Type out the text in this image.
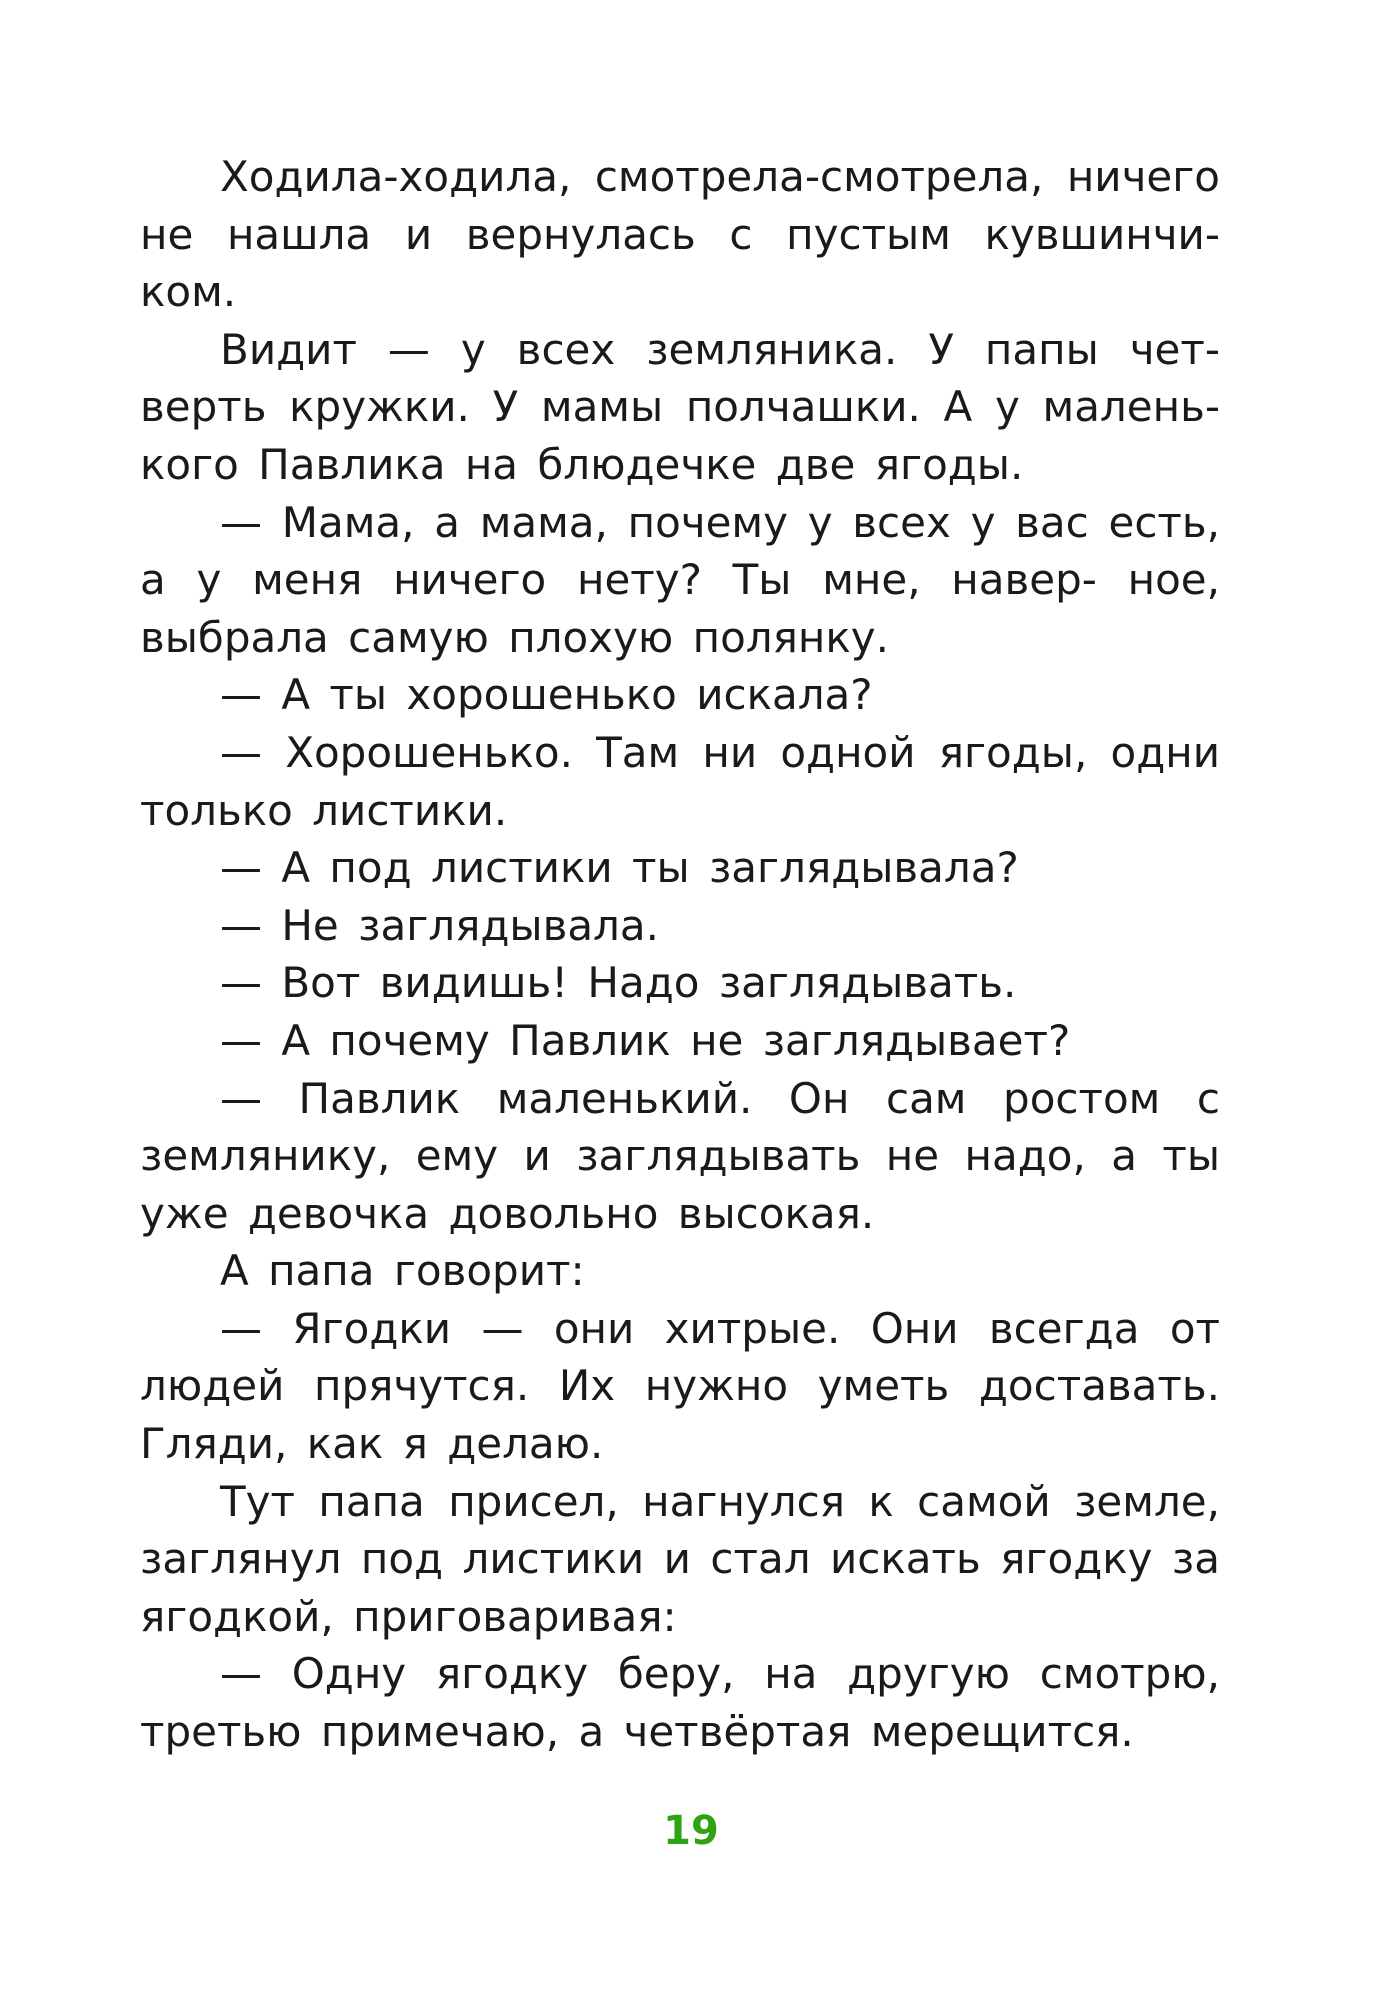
Ходила-ходила, смотрела-смотрела, ничего не нашла и вернулась с пустым кувшинчи- ком.

Видит — у всех земляника. У папы чет- верть кружки. У мамы полчашки. А у малень- кого Павлика на блюдечке две ягоды.

— Мама, а мама, почему у всех у вас есть, а у меня ничего нету? Ты мне, навер- ное, выбрала самую плохую полянку.

— А ты хорошенько искала?

— Хорошенько. Там ни одной ягоды, одни только листики.

— А под листики ты заглядывала?

— Не заглядывала.

— Вот видишь! Надо заглядывать.

— А почему Павлик не заглядывает?

— Павлик маленький. Он сам ростом с землянику, ему и заглядывать не надо, а ты уже девочка довольно высокая.

А папа говорит:

— Ягодки — они хитрые. Они всегда от людей прячутся. Их нужно уметь доставать. Гляди, как я делаю.

Тут папа присел, нагнулся к самой земле, заглянул под листики и стал искать ягодку за ягодкой, приговаривая:

— Одну ягодку беру, на другую смотрю, третью примечаю, а четвёртая мерещится.

19
